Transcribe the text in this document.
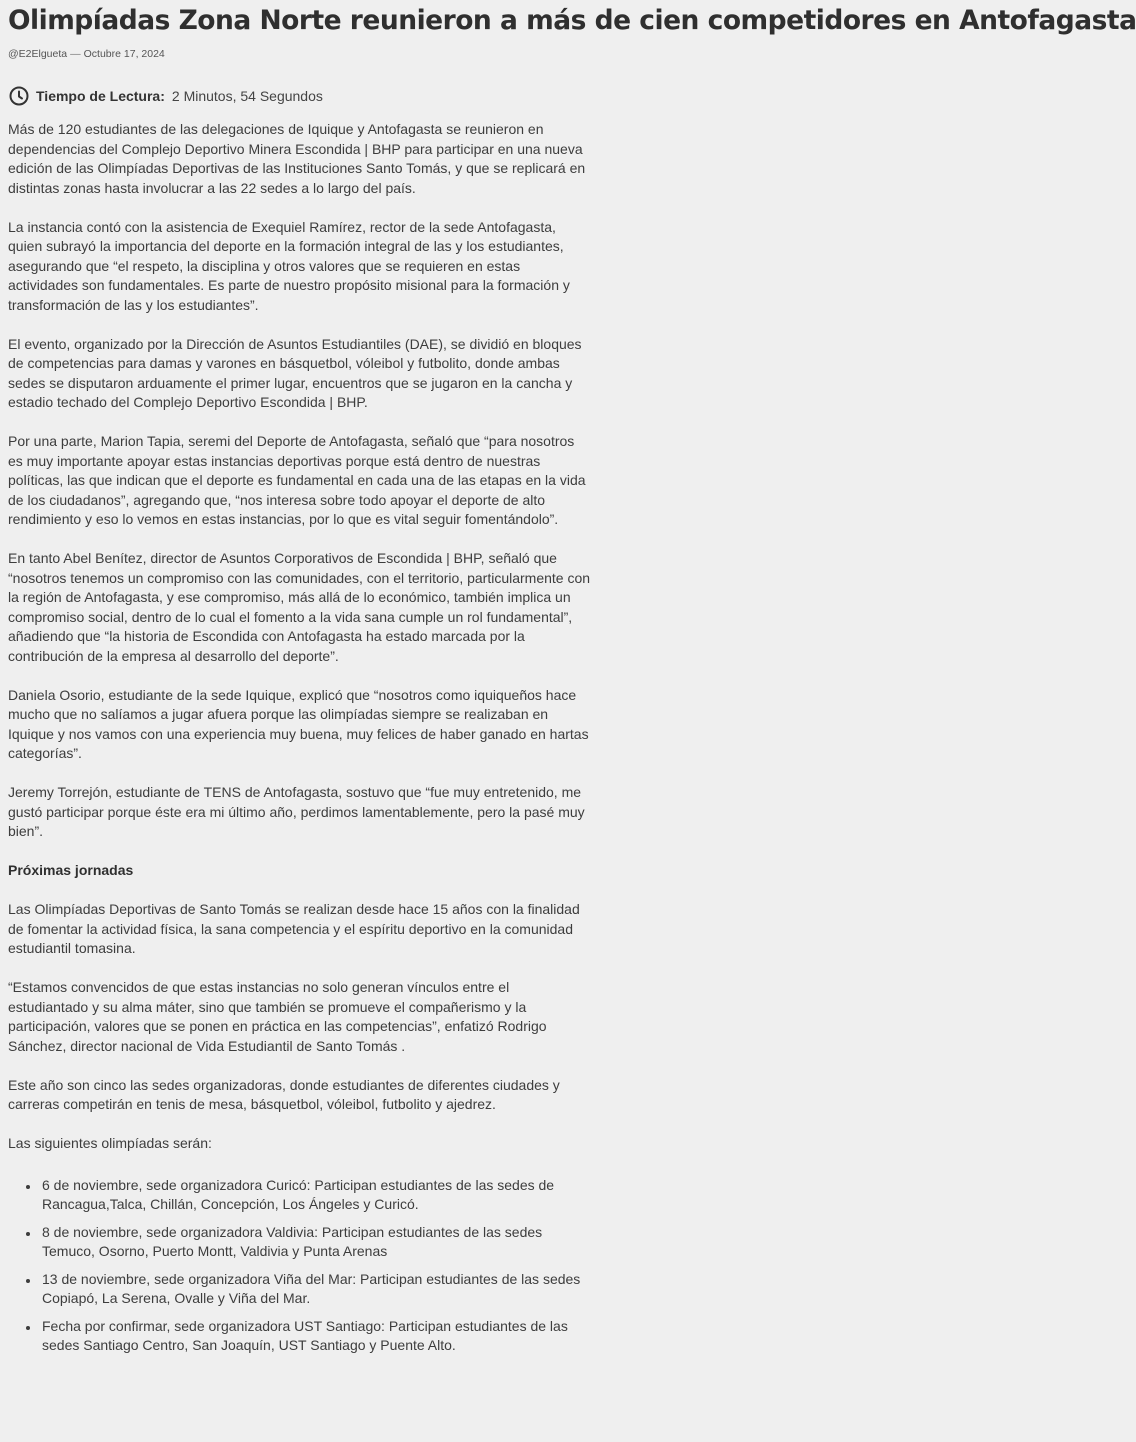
Olimpíadas Zona Norte reunieron a más de cien competidores en Antofagasta
@E2Elgueta — Octubre 17, 2024
Tiempo de Lectura: 2 Minutos, 54 Segundos

Más de 120 estudiantes de las delegaciones de Iquique y Antofagasta se reunieron en dependencias del Complejo Deportivo Minera Escondida | BHP para participar en una nueva edición de las Olimpíadas Deportivas de las Instituciones Santo Tomás, y que se replicará en distintas zonas hasta involucrar a las 22 sedes a lo largo del país.

La instancia contó con la asistencia de Exequiel Ramírez, rector de la sede Antofagasta, quien subrayó la importancia del deporte en la formación integral de las y los estudiantes, asegurando que “el respeto, la disciplina y otros valores que se requieren en estas actividades son fundamentales. Es parte de nuestro propósito misional para la formación y transformación de las y los estudiantes”.

El evento, organizado por la Dirección de Asuntos Estudiantiles (DAE), se dividió en bloques de competencias para damas y varones en básquetbol, vóleibol y futbolito, donde ambas sedes se disputaron arduamente el primer lugar, encuentros que se jugaron en la cancha y estadio techado del Complejo Deportivo Escondida | BHP.

Por una parte, Marion Tapia, seremi del Deporte de Antofagasta, señaló que “para nosotros es muy importante apoyar estas instancias deportivas porque está dentro de nuestras políticas, las que indican que el deporte es fundamental en cada una de las etapas en la vida de los ciudadanos”, agregando que, “nos interesa sobre todo apoyar el deporte de alto rendimiento y eso lo vemos en estas instancias, por lo que es vital seguir fomentándolo”.

En tanto Abel Benítez, director de Asuntos Corporativos de Escondida | BHP, señaló que “nosotros tenemos un compromiso con las comunidades, con el territorio, particularmente con la región de Antofagasta, y ese compromiso, más allá de lo económico, también implica un compromiso social, dentro de lo cual el fomento a la vida sana cumple un rol fundamental”, añadiendo que “la historia de Escondida con Antofagasta ha estado marcada por la contribución de la empresa al desarrollo del deporte”.

Daniela Osorio, estudiante de la sede Iquique, explicó que “nosotros como iquiqueños hace mucho que no salíamos a jugar afuera porque las olimpíadas siempre se realizaban en Iquique y nos vamos con una experiencia muy buena, muy felices de haber ganado en hartas categorías”.

Jeremy Torrejón, estudiante de TENS de Antofagasta, sostuvo que “fue muy entretenido, me gustó participar porque éste era mi último año, perdimos lamentablemente, pero la pasé muy bien”.

Próximas jornadas

Las Olimpíadas Deportivas de Santo Tomás se realizan desde hace 15 años con la finalidad de fomentar la actividad física, la sana competencia y el espíritu deportivo en la comunidad estudiantil tomasina.

“Estamos convencidos de que estas instancias no solo generan vínculos entre el estudiantado y su alma máter, sino que también se promueve el compañerismo y la participación, valores que se ponen en práctica en las competencias”, enfatizó Rodrigo Sánchez, director nacional de Vida Estudiantil de Santo Tomás .

Este año son cinco las sedes organizadoras, donde estudiantes de diferentes ciudades y carreras competirán en tenis de mesa, básquetbol, vóleibol, futbolito y ajedrez.

Las siguientes olimpíadas serán:

• 6 de noviembre, sede organizadora Curicó: Participan estudiantes de las sedes de Rancagua,Talca, Chillán, Concepción, Los Ángeles y Curicó.
• 8 de noviembre, sede organizadora Valdivia: Participan estudiantes de las sedes Temuco, Osorno, Puerto Montt, Valdivia y Punta Arenas
• 13 de noviembre, sede organizadora Viña del Mar: Participan estudiantes de las sedes Copiapó, La Serena, Ovalle y Viña del Mar.
• Fecha por confirmar, sede organizadora UST Santiago: Participan estudiantes de las sedes Santiago Centro, San Joaquín, UST Santiago y Puente Alto.
